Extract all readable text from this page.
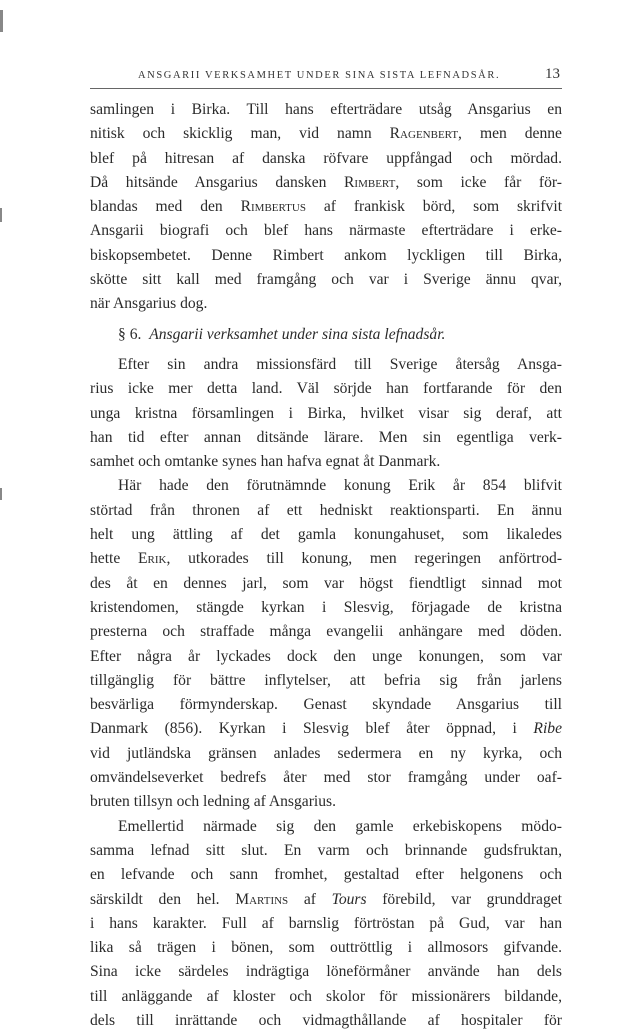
ANSGARII VERKSAMHET UNDER SINA SISTA LEFNADSÅR.	13
samlingen i Birka. Till hans efterträdare utsåg Ansgarius en
nitisk och skicklig man, vid namn Ragenbert, men denne
blef på hitresan af danska röfvare uppfångad och mördad.
Då hitsände Ansgarius dansken Rimbert, som icke får för-
blandas med den Rimbertus af frankisk börd, som skrifvit
Ansgarii biografi och blef hans närmaste efterträdare i erke-
biskopsembetet. Denne Rimbert ankom lyckligen till Birka,
skötte sitt kall med framgång och var i Sverige ännu qvar,
när Ansgarius dog.
§ 6. Ansgarii verksamhet under sina sista lefnadsår.
Efter sin andra missionsfärd till Sverige återsåg Ansga-
rius icke mer detta land. Väl sörjde han fortfarande för den
unga kristna församlingen i Birka, hvilket visar sig deraf, att
han tid efter annan ditsände lärare. Men sin egentliga verk-
samhet och omtanke synes han hafva egnat åt Danmark.
Här hade den förutnämnde konung Erik år 854 blifvit
störtad från thronen af ett hedniskt reaktionsparti. En ännu
helt ung ättling af det gamla konungahuset, som likaledes
hette Erik, utkorades till konung, men regeringen anförtrod-
des åt en dennes jarl, som var högst fiendtligt sinnad mot
kristendomen, stängde kyrkan i Slesvig, förjagade de kristna
presterna och straffade många evangelii anhängare med döden.
Efter några år lyckades dock den unge konungen, som var
tillgänglig för bättre inflytelser, att befria sig från jarlens
besvärliga förmynderskap. Genast skyndade Ansgarius till
Danmark (856). Kyrkan i Slesvig blef åter öppnad, i Ribe
vid jutländska gränsen anlades sedermera en ny kyrka, och
omvändelseverket bedrefs åter med stor framgång under oaf-
bruten tillsyn och ledning af Ansgarius.
Emellertid närmade sig den gamle erkebiskopens mödo-
samma lefnad sitt slut. En varm och brinnande gudsfruktan,
en lefvande och sann fromhet, gestaltad efter helgonens och
särskildt den hel. Martins af Tours förebild, var grunddraget
i hans karakter. Full af barnslig förtröstan på Gud, var han
lika så trägen i bönen, som outtröttlig i allmosors gifvande.
Sina icke särdeles indrägtiga löneförmåner använde han dels
till anläggande af kloster och skolor för missionärers bildande,
dels till inrättande och vidmagthållande af hospitaler för
